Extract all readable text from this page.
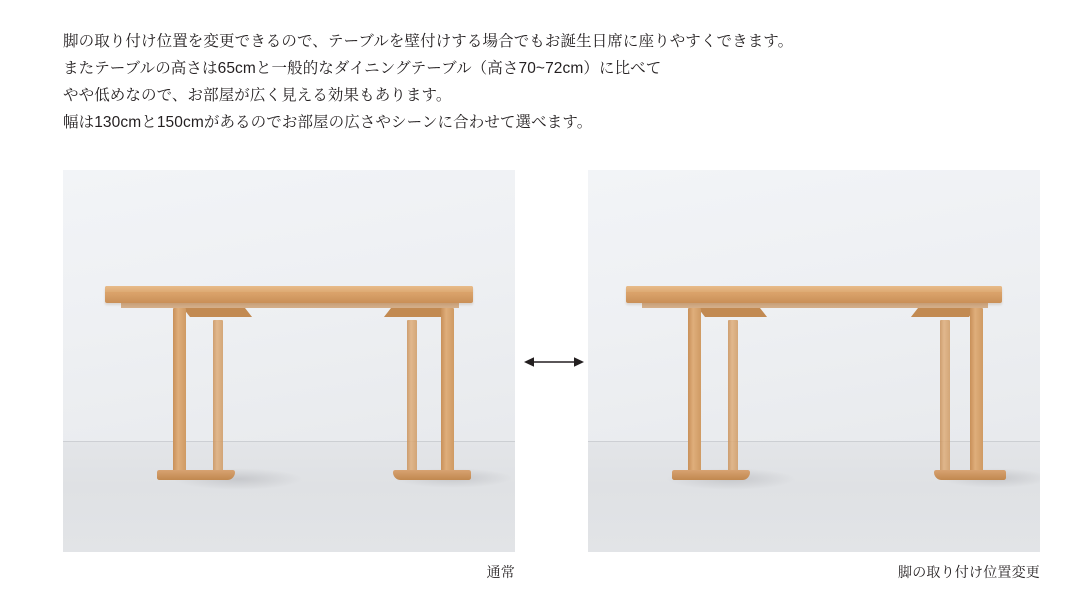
脚の取り付け位置を変更できるので、テーブルを壁付けする場合でもお誕生日席に座りやすくできます。

またテーブルの高さは65cmと一般的なダイニングテーブル（高さ70~72cm）に比べて

やや低めなので、お部屋が広く見える効果もあります。

幅は130cmと150cmがあるのでお部屋の広さやシーンに合わせて選べます。

通常	脚の取り付け位置変更
